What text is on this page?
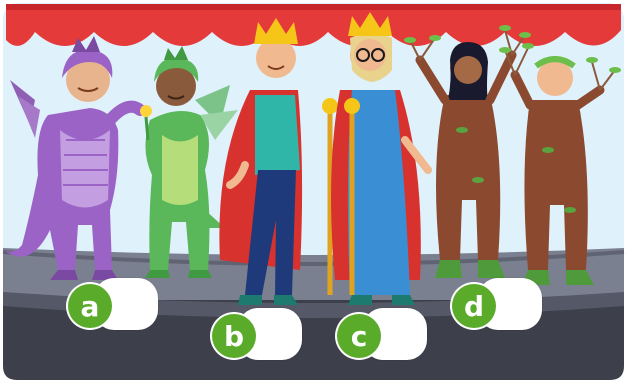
a
b	c
d
